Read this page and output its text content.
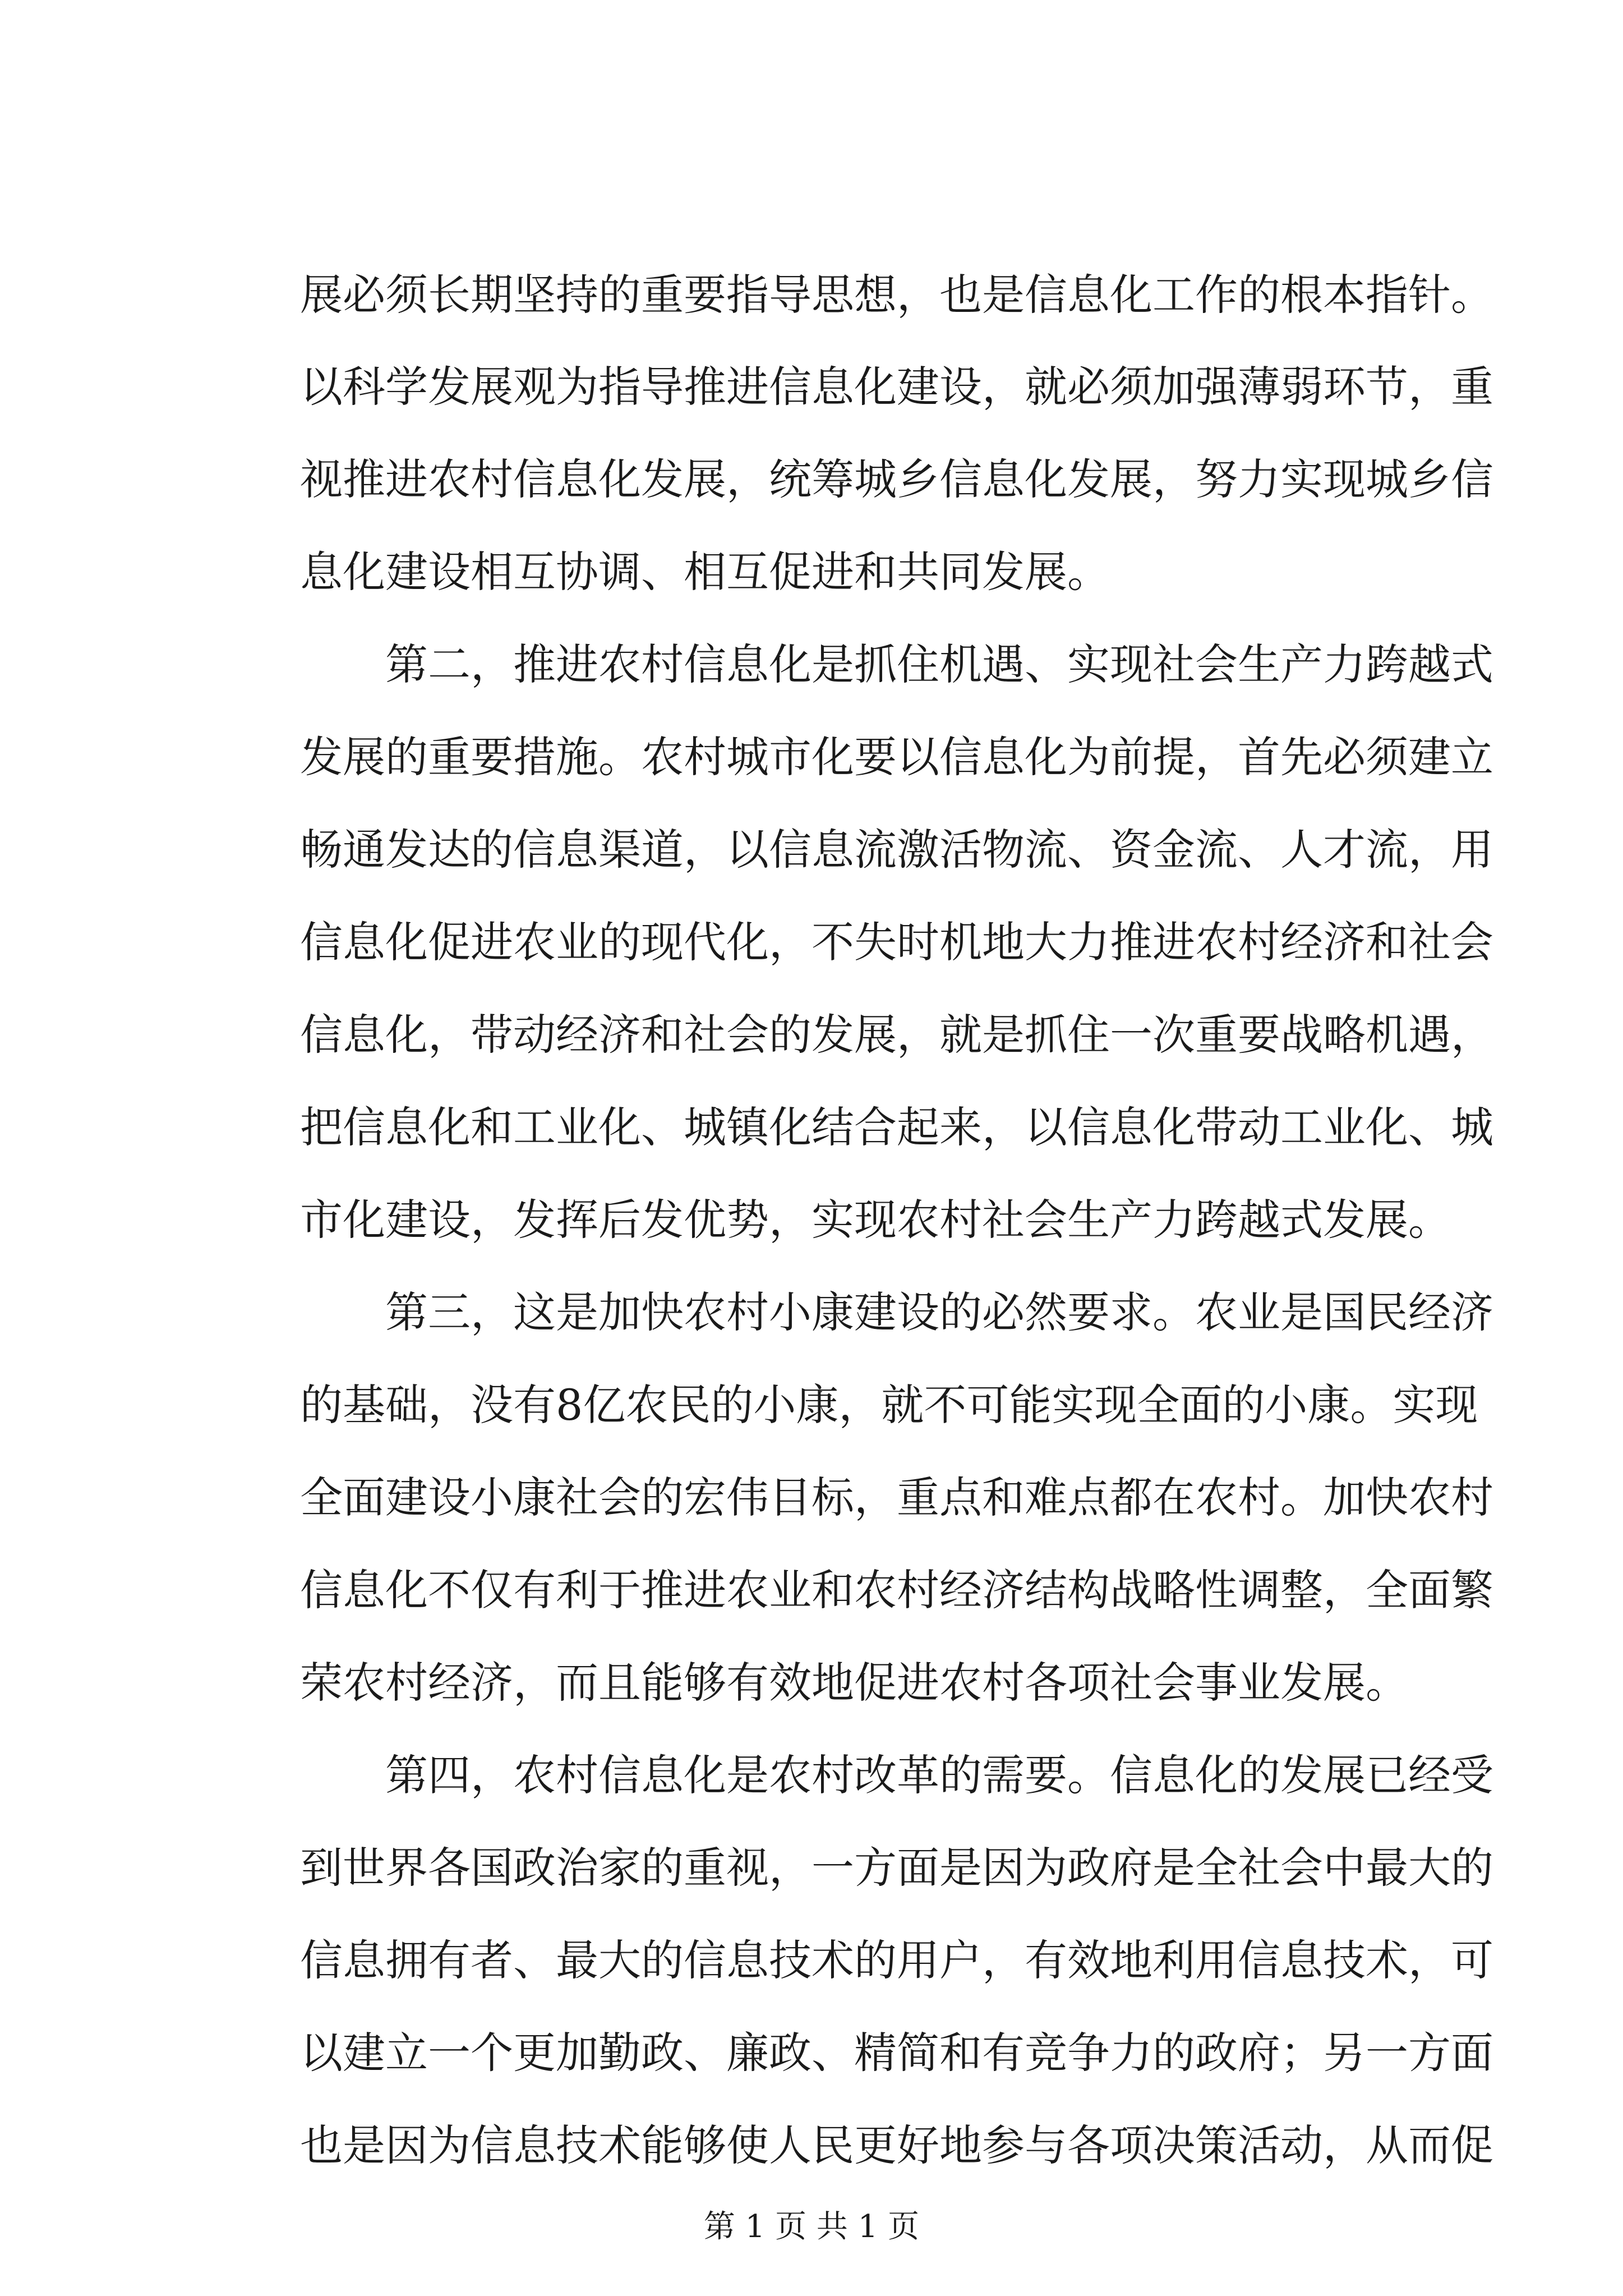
展必须长期坚持的重要指导思想，也是信息化工作的根本指针。
以科学发展观为指导推进信息化建设，就必须加强薄弱环节，重
视推进农村信息化发展，统筹城乡信息化发展，努力实现城乡信
息化建设相互协调、相互促进和共同发展。
第二，推进农村信息化是抓住机遇、实现社会生产力跨越式
发展的重要措施。农村城市化要以信息化为前提，首先必须建立
畅通发达的信息渠道，以信息流激活物流、资金流、人才流，用
信息化促进农业的现代化，不失时机地大力推进农村经济和社会
信息化，带动经济和社会的发展，就是抓住一次重要战略机遇，
把信息化和工业化、城镇化结合起来，以信息化带动工业化、城
市化建设，发挥后发优势，实现农村社会生产力跨越式发展。
第三，这是加快农村小康建设的必然要求。农业是国民经济
的基础，没有8亿农民的小康，就不可能实现全面的小康。实现
全面建设小康社会的宏伟目标，重点和难点都在农村。加快农村
信息化不仅有利于推进农业和农村经济结构战略性调整，全面繁
荣农村经济，而且能够有效地促进农村各项社会事业发展。
第四，农村信息化是农村改革的需要。信息化的发展已经受
到世界各国政治家的重视，一方面是因为政府是全社会中最大的
信息拥有者、最大的信息技术的用户，有效地利用信息技术，可
以建立一个更加勤政、廉政、精简和有竞争力的政府；另一方面
也是因为信息技术能够使人民更好地参与各项决策活动，从而促
第 1 页 共 1 页
